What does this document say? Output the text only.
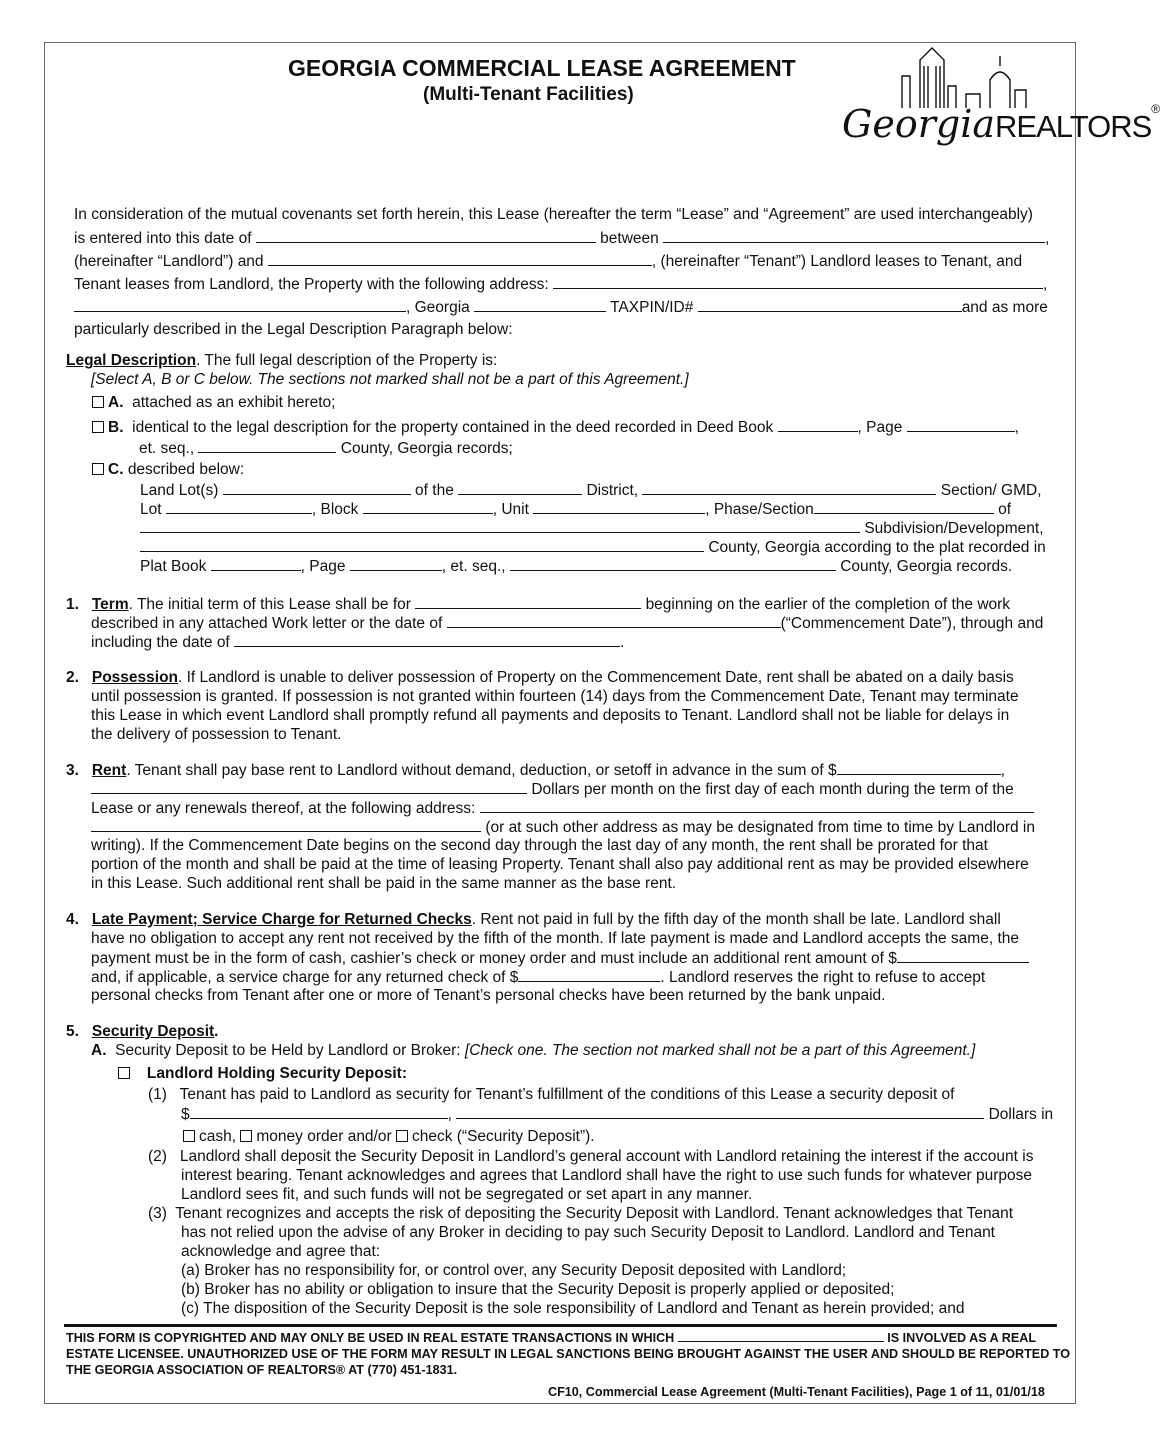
GEORGIA COMMERCIAL LEASE AGREEMENT
(Multi-Tenant Facilities)
GeorgiaREALTORS®
In consideration of the mutual covenants set forth herein, this Lease (hereafter the term “Lease” and “Agreement” are used interchangeably)
is entered into this date of	between	,
(hereinafter “Landlord”) and	, (hereinafter “Tenant”) Landlord leases to Tenant, and
Tenant leases from Landlord, the Property with the following address:	,
, Georgia	TAXPIN/ID#	and as more
particularly described in the Legal Description Paragraph below:
Legal Description. The full legal description of the Property is:
[Select A, B or C below. The sections not marked shall not be a part of this Agreement.]
A. attached as an exhibit hereto;
B. identical to the legal description for the property contained in the deed recorded in Deed Book	, Page	,
et. seq.,	County, Georgia records;
C. described below:
Land Lot(s)	of the	District,	Section/ GMD,
Lot	, Block	, Unit	, Phase/Section	of
Subdivision/Development,
County, Georgia according to the plat recorded in
Plat Book	, Page	, et. seq.,	County, Georgia records.
1. Term. The initial term of this Lease shall be for	beginning on the earlier of the completion of the work
described in any attached Work letter or the date of	(“Commencement Date”), through and
including the date of	.
2. Possession. If Landlord is unable to deliver possession of Property on the Commencement Date, rent shall be abated on a daily basis
until possession is granted. If possession is not granted within fourteen (14) days from the Commencement Date, Tenant may terminate
this Lease in which event Landlord shall promptly refund all payments and deposits to Tenant. Landlord shall not be liable for delays in
the delivery of possession to Tenant.
3. Rent. Tenant shall pay base rent to Landlord without demand, deduction, or setoff in advance in the sum of $	,
Dollars per month on the first day of each month during the term of the
Lease or any renewals thereof, at the following address:
(or at such other address as may be designated from time to time by Landlord in
writing). If the Commencement Date begins on the second day through the last day of any month, the rent shall be prorated for that
portion of the month and shall be paid at the time of leasing Property. Tenant shall also pay additional rent as may be provided elsewhere
in this Lease. Such additional rent shall be paid in the same manner as the base rent.
4. Late Payment; Service Charge for Returned Checks. Rent not paid in full by the fifth day of the month shall be late. Landlord shall
have no obligation to accept any rent not received by the fifth of the month. If late payment is made and Landlord accepts the same, the
payment must be in the form of cash, cashier’s check or money order and must include an additional rent amount of $
and, if applicable, a service charge for any returned check of $	. Landlord reserves the right to refuse to accept
personal checks from Tenant after one or more of Tenant’s personal checks have been returned by the bank unpaid.
5. Security Deposit.
A. Security Deposit to be Held by Landlord or Broker: [Check one. The section not marked shall not be a part of this Agreement.]
Landlord Holding Security Deposit:
(1) Tenant has paid to Landlord as security for Tenant’s fulfillment of the conditions of this Lease a security deposit of
$	,	Dollars in
cash, money order and/or check (“Security Deposit”).
(2) Landlord shall deposit the Security Deposit in Landlord’s general account with Landlord retaining the interest if the account is
interest bearing. Tenant acknowledges and agrees that Landlord shall have the right to use such funds for whatever purpose
Landlord sees fit, and such funds will not be segregated or set apart in any manner.
(3) Tenant recognizes and accepts the risk of depositing the Security Deposit with Landlord. Tenant acknowledges that Tenant
has not relied upon the advise of any Broker in deciding to pay such Security Deposit to Landlord. Landlord and Tenant
acknowledge and agree that:
(a) Broker has no responsibility for, or control over, any Security Deposit deposited with Landlord;
(b) Broker has no ability or obligation to insure that the Security Deposit is properly applied or deposited;
(c) The disposition of the Security Deposit is the sole responsibility of Landlord and Tenant as herein provided; and
THIS FORM IS COPYRIGHTED AND MAY ONLY BE USED IN REAL ESTATE TRANSACTIONS IN WHICH	IS INVOLVED AS A REAL
ESTATE LICENSEE. UNAUTHORIZED USE OF THE FORM MAY RESULT IN LEGAL SANCTIONS BEING BROUGHT AGAINST THE USER AND SHOULD BE REPORTED TO
THE GEORGIA ASSOCIATION OF REALTORS® AT (770) 451-1831.
CF10, Commercial Lease Agreement (Multi-Tenant Facilities), Page 1 of 11, 01/01/18
